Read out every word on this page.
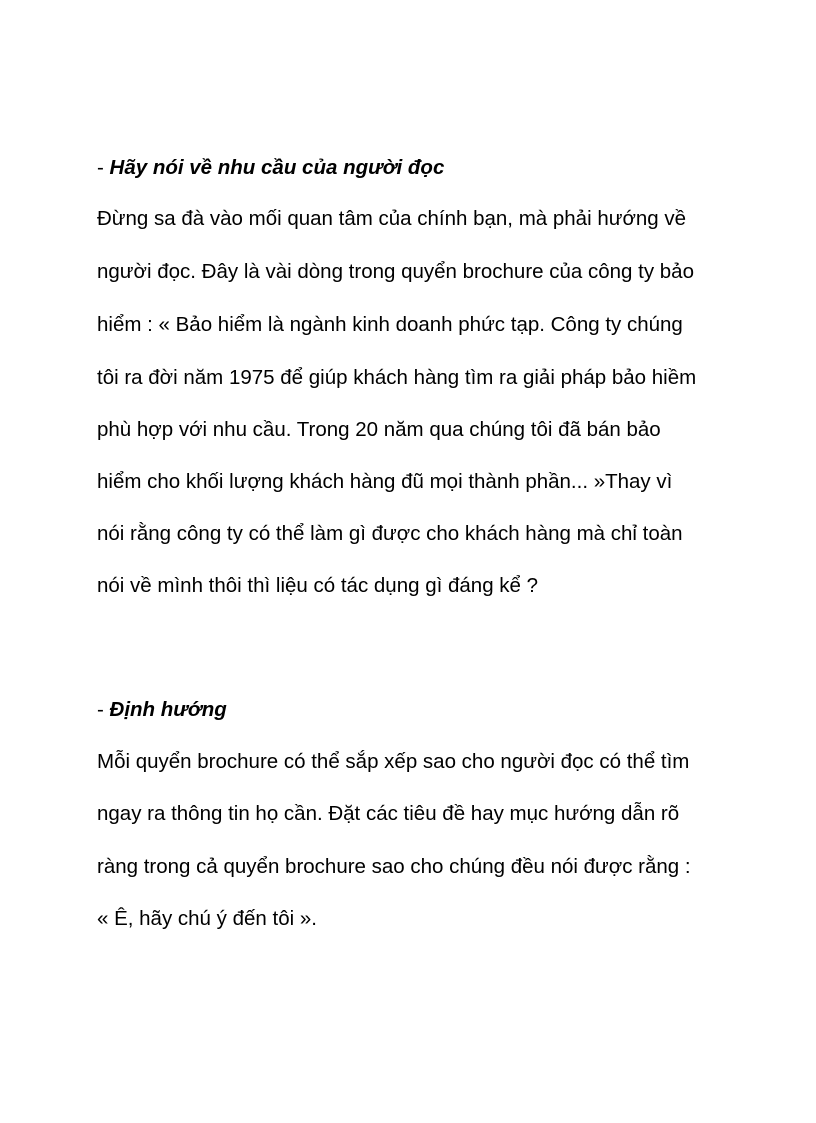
- Hãy nói về nhu cầu của người đọc
Đừng sa đà vào mối quan tâm của chính bạn, mà phải hướng về
người đọc. Đây là vài dòng trong quyển brochure của công ty bảo
hiểm : « Bảo hiểm là ngành kinh doanh phức tạp. Công ty chúng
tôi ra đời năm 1975 để giúp khách hàng tìm ra giải pháp bảo hiềm
phù hợp với nhu cầu. Trong 20 năm qua chúng tôi đã bán bảo
hiểm cho khối lượng khách hàng đũ mọi thành phần... »Thay vì
nói rằng công ty có thể làm gì được cho khách hàng mà chỉ toàn
nói về mình thôi thì liệu có tác dụng gì đáng kể ?
- Định hướng
Mỗi quyển brochure có thể sắp xếp sao cho người đọc có thể tìm
ngay ra thông tin họ cần. Đặt các tiêu đề hay mục hướng dẫn rõ
ràng trong cả quyển brochure sao cho chúng đều nói được rằng :
« Ê, hãy chú ý đến tôi ».
